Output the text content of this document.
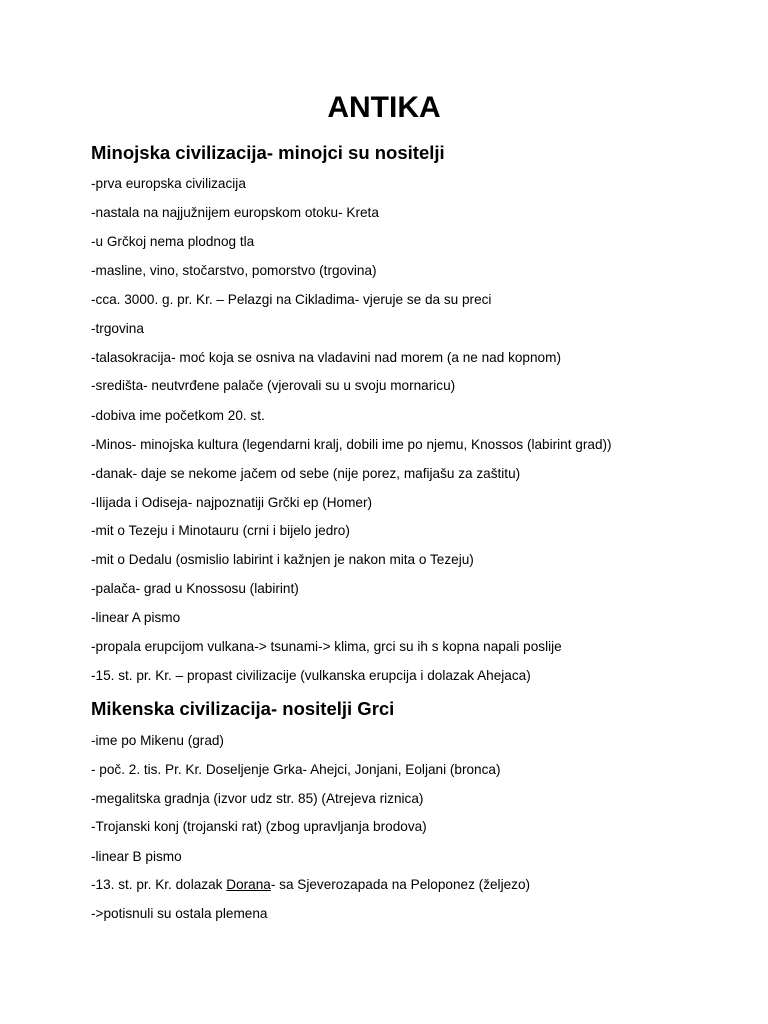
ANTIKA
Minojska civilizacija- minojci su nositelji

-prva europska civilizacija

-nastala na najjužnijem europskom otoku- Kreta

-u Grčkoj nema plodnog tla

-masline, vino, stočarstvo, pomorstvo (trgovina)

-cca. 3000. g. pr. Kr. – Pelazgi na Cikladima- vjeruje se da su preci

-trgovina

-talasokracija- moć koja se osniva na vladavini nad morem (a ne nad kopnom)

-središta- neutvrđene palače (vjerovali su u svoju mornaricu)

-dobiva ime početkom 20. st.

-Minos- minojska kultura (legendarni kralj, dobili ime po njemu, Knossos (labirint grad))

-danak- daje se nekome jačem od sebe (nije porez, mafijašu za zaštitu)

-Ilijada i Odiseja- najpoznatiji Grčki ep (Homer)

-mit o Tezeju i Minotauru (crni i bijelo jedro)

-mit o Dedalu (osmislio labirint i kažnjen je nakon mita o Tezeju)

-palača- grad u Knossosu (labirint)

-linear A pismo

-propala erupcijom vulkana-> tsunami-> klima, grci su ih s kopna napali poslije

-15. st. pr. Kr. – propast civilizacije (vulkanska erupcija i dolazak Ahejaca)

Mikenska civilizacija- nositelji Grci

-ime po Mikenu (grad)

- poč. 2. tis. Pr. Kr. Doseljenje Grka- Ahejci, Jonjani, Eoljani (bronca)

-megalitska gradnja (izvor udz str. 85) (Atrejeva riznica)

-Trojanski konj (trojanski rat) (zbog upravljanja brodova)

-linear B pismo

-13. st. pr. Kr. dolazak Dorana- sa Sjeverozapada na Peloponez (željezo)

->potisnuli su ostala plemena
